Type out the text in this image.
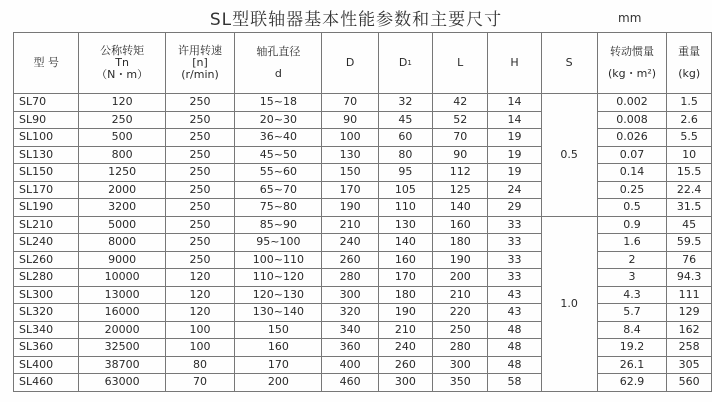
SL型联轴器基本性能参数和主要尺寸	mm
型 号	公称转矩
Tn
（N・m）	许用转速
[n]
(r/min)	轴孔直径
d	D	$D_1$	L	H	S	转动惯量
(kg・m²)	重量
(kg)

SL70	120	250	15~18	70	32	42	14	0.5	0.002	1.5
SL90	250	250	20~30	90	45	52	14		0.008	2.6
SL100	500	250	36~40	100	60	70	19		0.026	5.5
SL130	800	250	45~50	130	80	90	19		0.07	10
SL150	1250	250	55~60	150	95	112	19		0.14	15.5
SL170	2000	250	65~70	170	105	125	24		0.25	22.4
SL190	3200	250	75~80	190	110	140	29		0.5	31.5
SL210	5000	250	85~90	210	130	160	33	1.0	0.9	45
SL240	8000	250	95~100	240	140	180	33		1.6	59.5
SL260	9000	250	100~110	260	160	190	33		2	76
SL280	10000	120	110~120	280	170	200	33		3	94.3
SL300	13000	120	120~130	300	180	210	43		4.3	111
SL320	16000	120	130~140	320	190	220	43		5.7	129
SL340	20000	100	150	340	210	250	48		8.4	162
SL360	32500	100	160	360	240	280	48		19.2	258
SL400	38700	80	170	400	260	300	48		26.1	305
SL460	63000	70	200	460	300	350	58		62.9	560
